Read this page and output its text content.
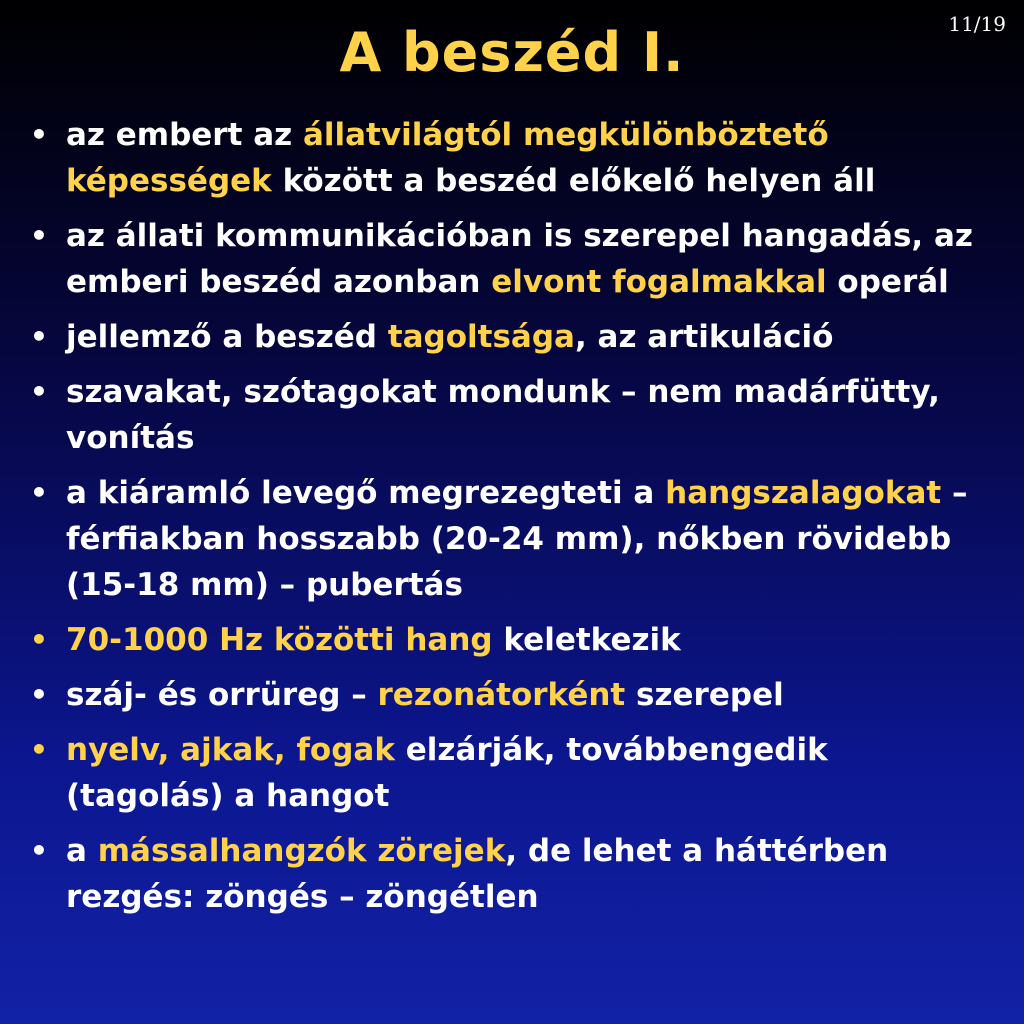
11/19
A beszéd I.
• az embert az állatvilágtól megkülönböztető képességek között a beszéd előkelő helyen áll
• az állati kommunikációban is szerepel hangadás, az emberi beszéd azonban elvont fogalmakkal operál
• jellemző a beszéd tagoltsága, az artikuláció
• szavakat, szótagokat mondunk – nem madárfütty, vonítás
• a kiáramló levegő megrezegteti a hangszalagokat – férfiakban hosszabb (20-24 mm), nőkben rövidebb (15-18 mm) – pubertás
• 70-1000 Hz közötti hang keletkezik
• száj- és orrüreg – rezonátorként szerepel
• nyelv, ajkak, fogak elzárják, továbbengedik (tagolás) a hangot
• a mássalhangzók zörejek, de lehet a háttérben rezgés: zöngés – zöngétlen
